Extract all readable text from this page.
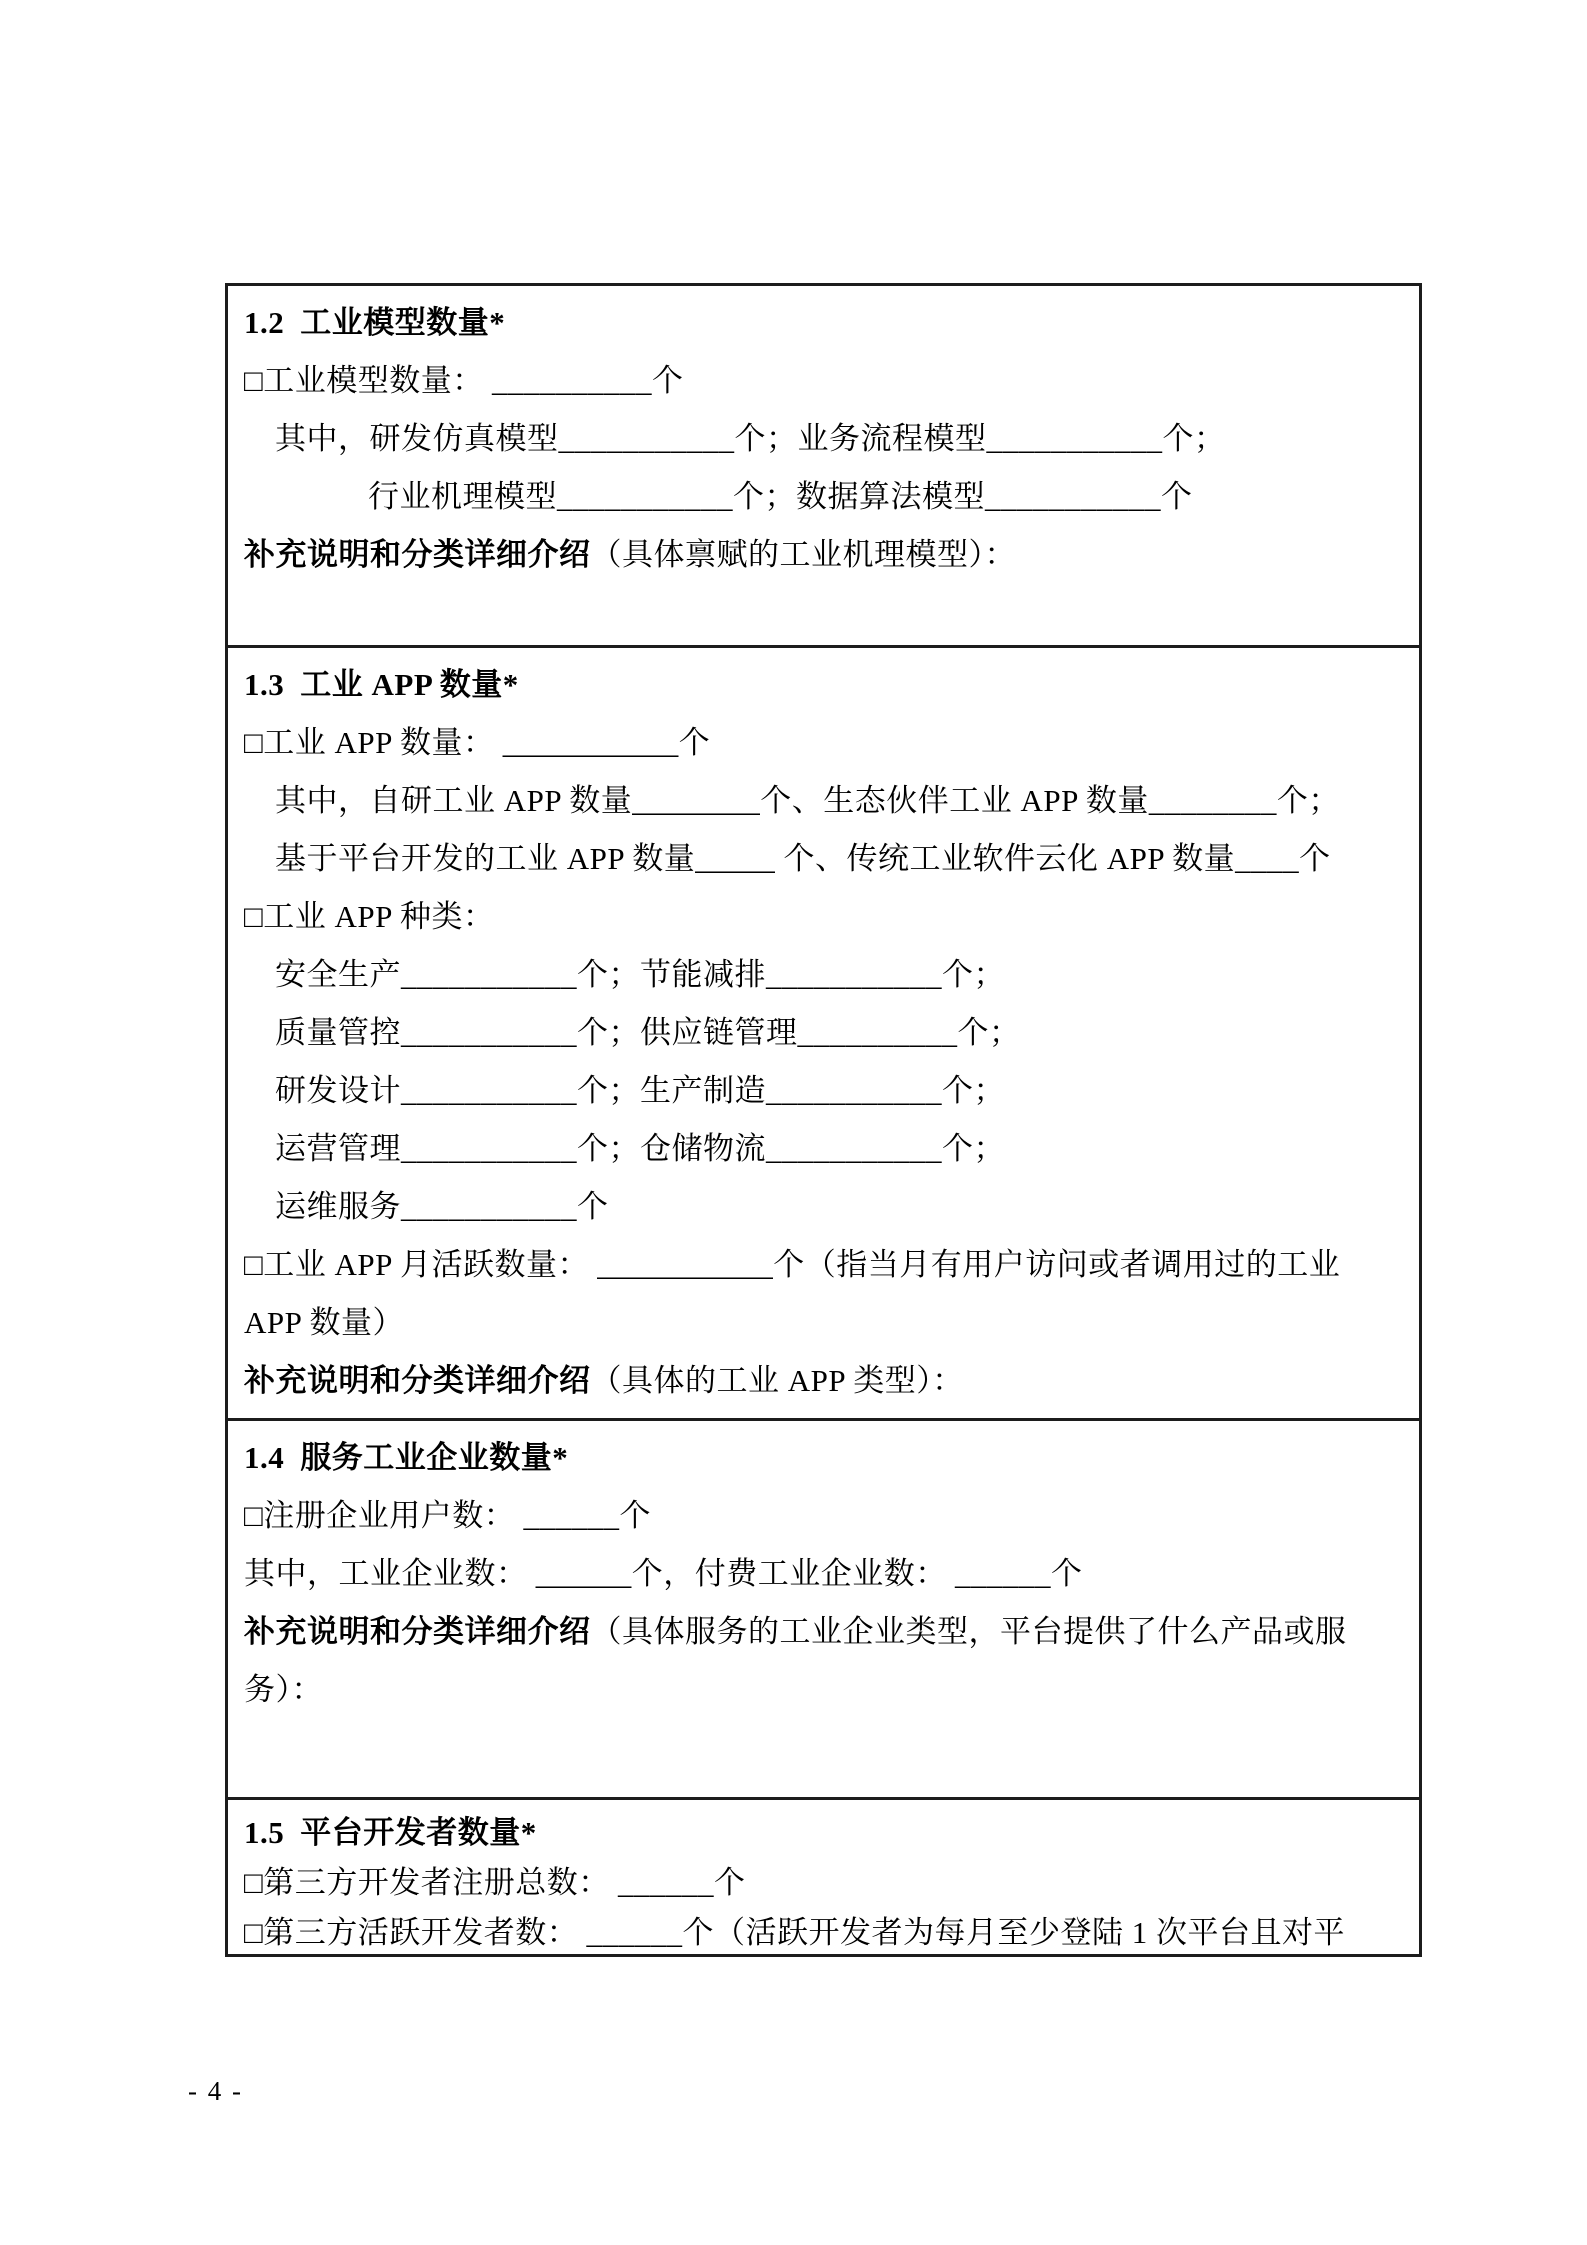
1.2 工业模型数量*
□工业模型数量： __________个
其中，研发仿真模型___________个；业务流程模型___________个；
行业机理模型___________个；数据算法模型___________个
补充说明和分类详细介绍（具体禀赋的工业机理模型）：
1.3 工业 APP 数量*
□工业 APP 数量： ___________个
其中，自研工业 APP 数量________个、生态伙伴工业 APP 数量________个；
基于平台开发的工业 APP 数量_____ 个、传统工业软件云化 APP 数量____个
□工业 APP 种类：
安全生产___________个；节能减排___________个；
质量管控___________个；供应链管理__________个；
研发设计___________个；生产制造___________个；
运营管理___________个；仓储物流___________个；
运维服务___________个
□工业 APP 月活跃数量： ___________个（指当月有用户访问或者调用过的工业
APP 数量）
补充说明和分类详细介绍（具体的工业 APP 类型）：
1.4 服务工业企业数量*
□注册企业用户数： ______个
其中，工业企业数： ______个，付费工业企业数： ______个
补充说明和分类详细介绍（具体服务的工业企业类型，平台提供了什么产品或服
务）：
1.5 平台开发者数量*
□第三方开发者注册总数： ______个
□第三方活跃开发者数： ______个（活跃开发者为每月至少登陆 1 次平台且对平
- 4 -
